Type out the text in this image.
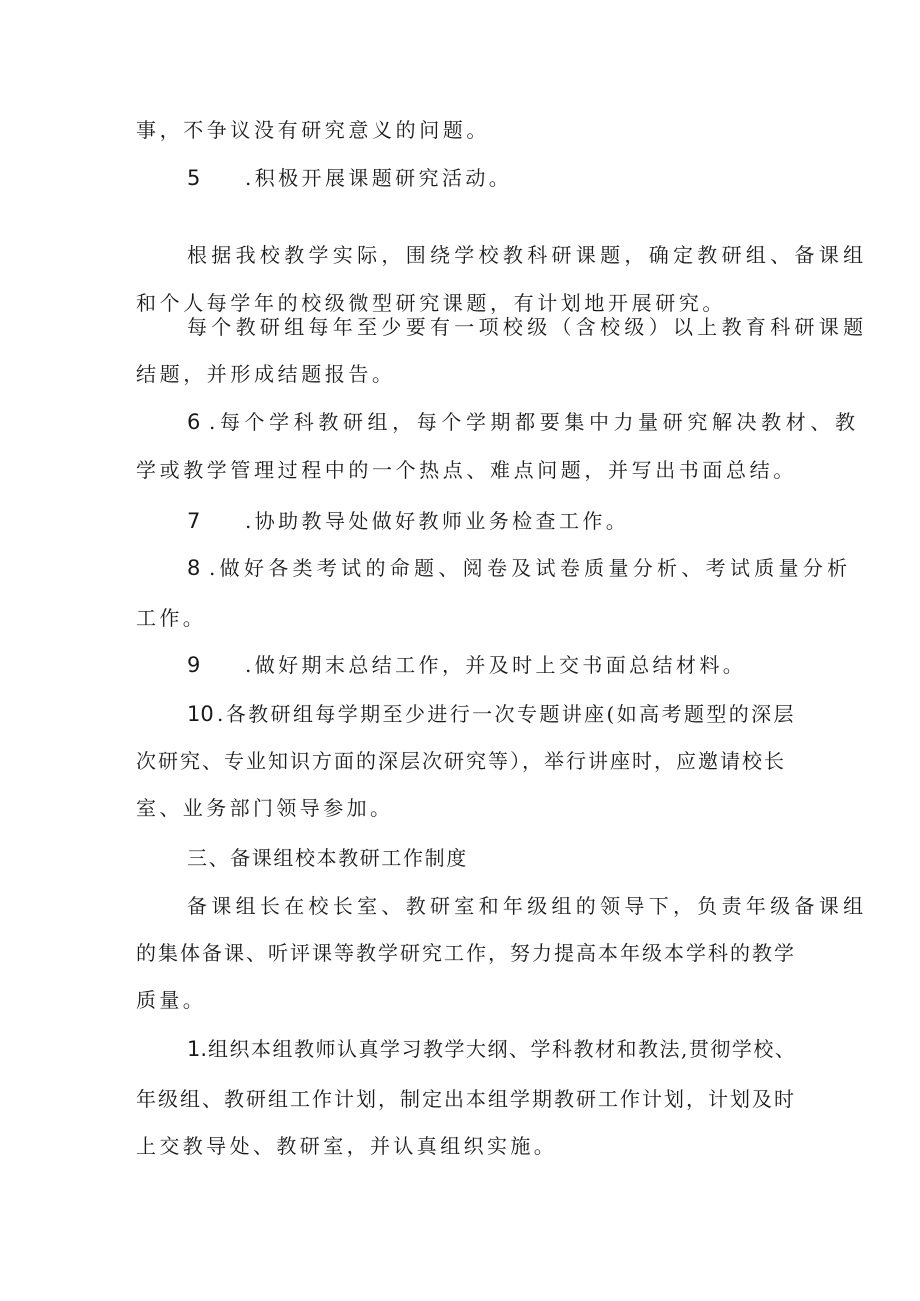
事，不争议没有研究意义的问题。
5 .积极开展课题研究活动。
根据我校教学实际，围绕学校教科研课题，确定教研组、备课组
和个人每学年的校级微型研究课题，有计划地开展研究。
每个教研组每年至少要有一项校级（含校级）以上教育科研课题
结题，并形成结题报告。
6 .每个学科教研组，每个学期都要集中力量研究解决教材、教
学或教学管理过程中的一个热点、难点问题，并写出书面总结。
7 .协助教导处做好教师业务检查工作。
8 .做好各类考试的命题、阅卷及试卷质量分析、考试质量分析
工作。
9 .做好期末总结工作，并及时上交书面总结材料。
10 .各教研组每学期至少进行一次专题讲座(如高考题型的深层
次研究、专业知识方面的深层次研究等），举行讲座时，应邀请校长
室、业务部门领导参加。
三、备课组校本教研工作制度
备课组长在校长室、教研室和年级组的领导下，负责年级备课组
的集体备课、听评课等教学研究工作，努力提高本年级本学科的教学
质量。
1.组织本组教师认真学习教学大纲、学科教材和教法,贯彻学校、
年级组、教研组工作计划，制定出本组学期教研工作计划，计划及时
上交教导处、教研室，并认真组织实施。
